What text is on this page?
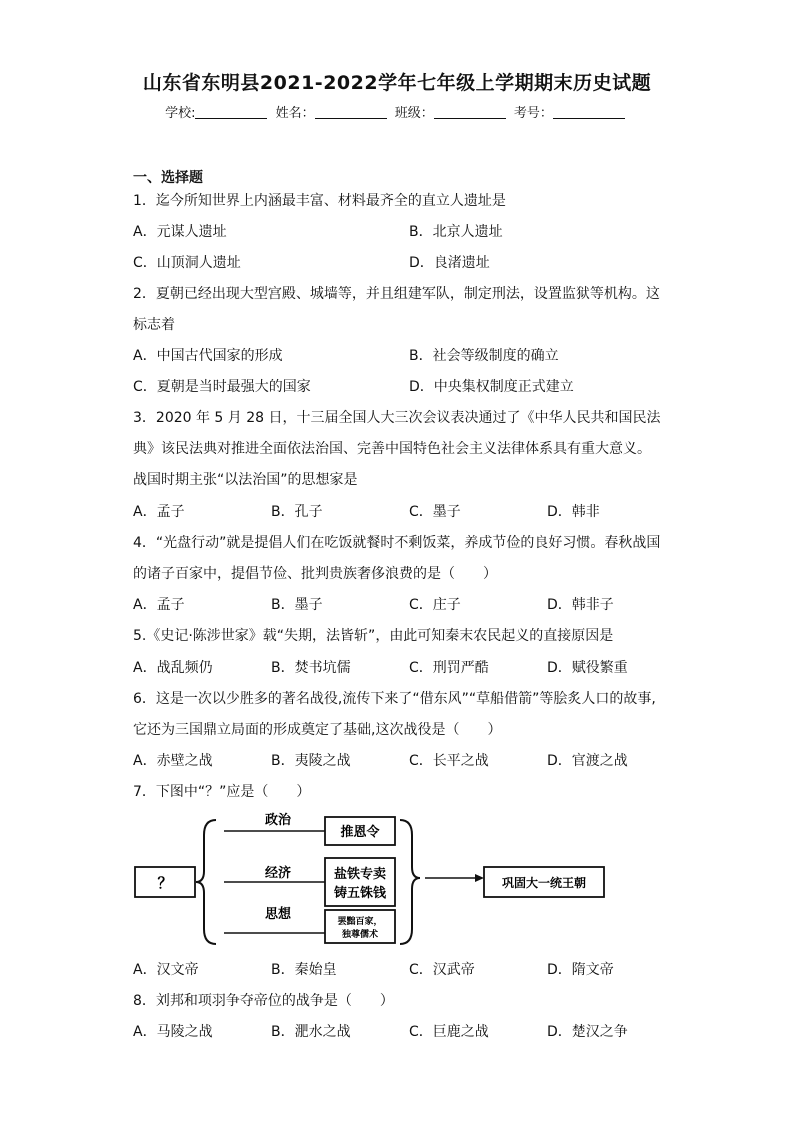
山东省东明县2021-2022学年七年级上学期期末历史试题
学校:	姓名：	班级：	考号：
一、选择题
1．迄今所知世界上内涵最丰富、材料最齐全的直立人遗址是
A．元谋人遗址	B．北京人遗址
C．山顶洞人遗址	D．良渚遗址
2．夏朝已经出现大型宫殿、城墙等，并且组建军队，制定刑法，设置监狱等机构。这
标志着
A．中国古代国家的形成	B．社会等级制度的确立
C．夏朝是当时最强大的国家	D．中央集权制度正式建立
3．2020 年 5 月 28 日，十三届全国人大三次会议表决通过了《中华人民共和国民法
典》该民法典对推进全面依法治国、完善中国特色社会主义法律体系具有重大意义。
战国时期主张“以法治国”的思想家是
A．孟子	B．孔子	C．墨子	D．韩非
4．“光盘行动”就是提倡人们在吃饭就餐时不剩饭菜，养成节俭的良好习惯。春秋战国
的诸子百家中，提倡节俭、批判贵族奢侈浪费的是（　　）
A．孟子	B．墨子	C．庄子	D．韩非子
5.《史记·陈涉世家》载“失期，法皆斩”，由此可知秦末农民起义的直接原因是
A．战乱频仍	B．焚书坑儒	C．刑罚严酷	D．赋役繁重
6．这是一次以少胜多的著名战役,流传下来了“借东风”“草船借箭”等脍炙人口的故事,
它还为三国鼎立局面的形成奠定了基础,这次战役是（　　）
A．赤壁之战	B．夷陵之战	C．长平之战	D．官渡之战
7．下图中“？”应是（　　）
？
政治
经济
思想
推恩令
盐铁专卖
铸五铢钱
罢黜百家，
独尊儒术
巩固大一统王朝
A．汉文帝	B．秦始皇	C．汉武帝	D．隋文帝
8．刘邦和项羽争夺帝位的战争是（　　）
A．马陵之战	B．淝水之战	C．巨鹿之战	D．楚汉之争
